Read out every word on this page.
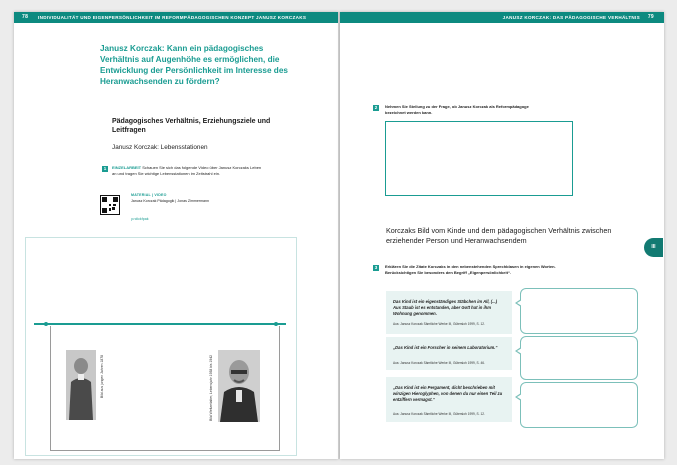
78 INDIVIDUALITÄT UND EIGENPERSÖNLICHKEIT IM REFORMPÄDAGOGISCHEN KONZEPT JANUSZ KORCZAKS	JANUSZ KORCZAK: DAS PÄDAGOGISCHE VERHÄLTNIS 79
Janusz Korczak: Kann ein pädagogisches Verhältnis auf Augenhöhe es ermöglichen, die Entwicklung der Persönlichkeit im Interesse des Heranwachsenden zu fördern?
Pädagogisches Verhältnis, Erziehungsziele und Leitfragen
Janusz Korczak: Lebensstationen
1	EINZELARBEIT Schauen Sie sich das folgende Video über Janusz Korczaks Leben an und tragen Sie wichtige Lebensstationen im Zeitstrahl ein.
MATERIAL | VIDEO
Janusz Korczak Pädagogik | Jonas Zimmermann
y.rclickfpak
Bild aus jungen Jahren 1878	Bild Weltzeitalter, Lebensjahr 1938 bis 1942
2	Nehmen Sie Stellung zu der Frage, ob Janusz Korczak als Reformpädagoge bezeichnet werden kann.
Korczaks Bild vom Kinde und dem pädagogischen Verhältnis zwischen erziehender Person und Heranwachsendem
3	Erklären Sie die Zitate Korczaks in den nebenstehenden Sprechblasen in eigenen Worten. Berücksichtigen Sie besonders den Begriff „Eigenpersönlichkeit“.
Das Kind ist ein eigenständiges Stäbchen im All, (...) Aus Staub ist es entstanden, aber Gott hat in ihm Wohnung genommen.
Aus: Janusz Korczak Sämtliche Werke III, Gütersloh 1999, S. 12.
„Das Kind ist ein Forscher in seinem Laboratorium.“
Aus: Janusz Korczak Sämtliche Werke III, Gütersloh 1999, S. 46.
„Das Kind ist ein Pergament, dicht beschrieben mit winzigen Hieroglyphen, von denen du nur einen Teil zu entziffern vermagst.“
Aus: Janusz Korczak Sämtliche Werke III, Gütersloh 1999, S. 12.
III
